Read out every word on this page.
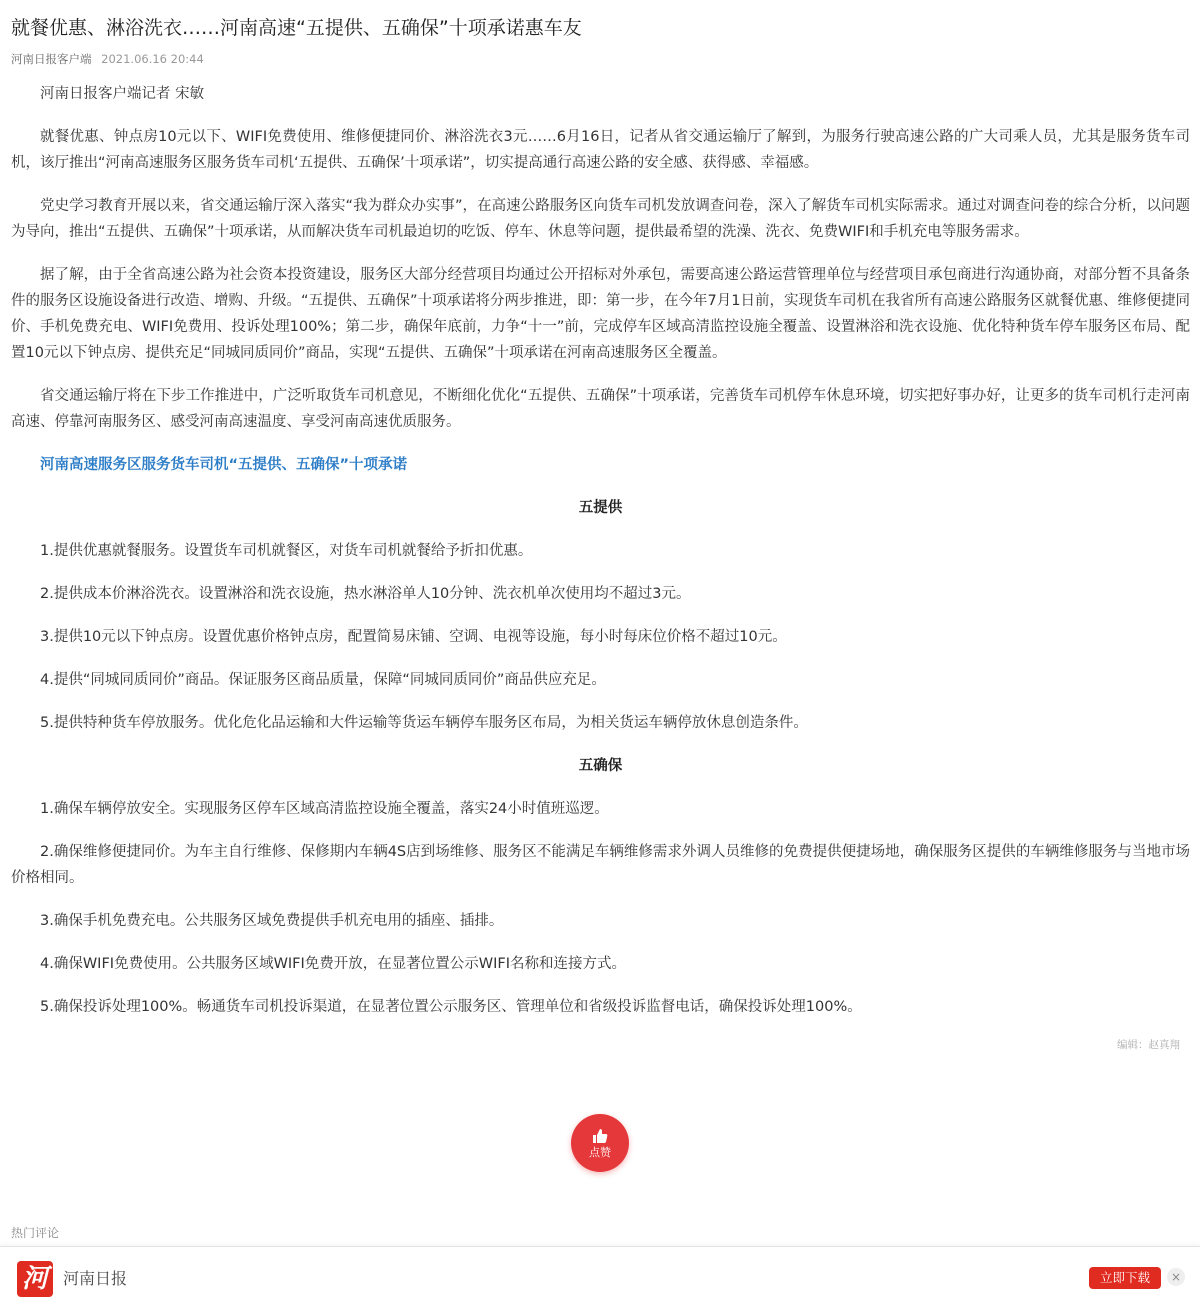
就餐优惠、淋浴洗衣……河南高速“五提供、五确保”十项承诺惠车友
河南日报客户端 2021.06.16 20:44

河南日报客户端记者 宋敏

就餐优惠、钟点房10元以下、WIFI免费使用、维修便捷同价、淋浴洗衣3元……6月16日，记者从省交通运输厅了解到，为服务行驶高速公路的广大司乘人员，尤其是服务货车司机，该厅推出“河南高速服务区服务货车司机‘五提供、五确保’十项承诺”，切实提高通行高速公路的安全感、获得感、幸福感。

党史学习教育开展以来，省交通运输厅深入落实“我为群众办实事”，在高速公路服务区向货车司机发放调查问卷，深入了解货车司机实际需求。通过对调查问卷的综合分析，以问题为导向，推出“五提供、五确保”十项承诺，从而解决货车司机最迫切的吃饭、停车、休息等问题，提供最希望的洗澡、洗衣、免费WIFI和手机充电等服务需求。

据了解，由于全省高速公路为社会资本投资建设，服务区大部分经营项目均通过公开招标对外承包，需要高速公路运营管理单位与经营项目承包商进行沟通协商，对部分暂不具备条件的服务区设施设备进行改造、增购、升级。“五提供、五确保”十项承诺将分两步推进，即：第一步，在今年7月1日前，实现货车司机在我省所有高速公路服务区就餐优惠、维修便捷同价、手机免费充电、WIFI免费用、投诉处理100%；第二步，确保年底前，力争“十一”前，完成停车区域高清监控设施全覆盖、设置淋浴和洗衣设施、优化特种货车停车服务区布局、配置10元以下钟点房、提供充足“同城同质同价”商品，实现“五提供、五确保”十项承诺在河南高速服务区全覆盖。

省交通运输厅将在下步工作推进中，广泛听取货车司机意见，不断细化优化“五提供、五确保”十项承诺，完善货车司机停车休息环境，切实把好事办好，让更多的货车司机行走河南高速、停靠河南服务区、感受河南高速温度、享受河南高速优质服务。

河南高速服务区服务货车司机“五提供、五确保”十项承诺

五提供

1.提供优惠就餐服务。设置货车司机就餐区，对货车司机就餐给予折扣优惠。

2.提供成本价淋浴洗衣。设置淋浴和洗衣设施，热水淋浴单人10分钟、洗衣机单次使用均不超过3元。

3.提供10元以下钟点房。设置优惠价格钟点房，配置简易床铺、空调、电视等设施，每小时每床位价格不超过10元。

4.提供“同城同质同价”商品。保证服务区商品质量，保障“同城同质同价”商品供应充足。

5.提供特种货车停放服务。优化危化品运输和大件运输等货运车辆停车服务区布局，为相关货运车辆停放休息创造条件。

五确保

1.确保车辆停放安全。实现服务区停车区域高清监控设施全覆盖，落实24小时值班巡逻。

2.确保维修便捷同价。为车主自行维修、保修期内车辆4S店到场维修、服务区不能满足车辆维修需求外调人员维修的免费提供便捷场地，确保服务区提供的车辆维修服务与当地市场价格相同。

3.确保手机免费充电。公共服务区域免费提供手机充电用的插座、插排。

4.确保WIFI免费使用。公共服务区域WIFI免费开放，在显著位置公示WIFI名称和连接方式。

5.确保投诉处理100%。畅通货车司机投诉渠道，在显著位置公示服务区、管理单位和省级投诉监督电话，确保投诉处理100%。

编辑：赵真翔
点赞
热门评论
河 河南日报	立即下载	×
